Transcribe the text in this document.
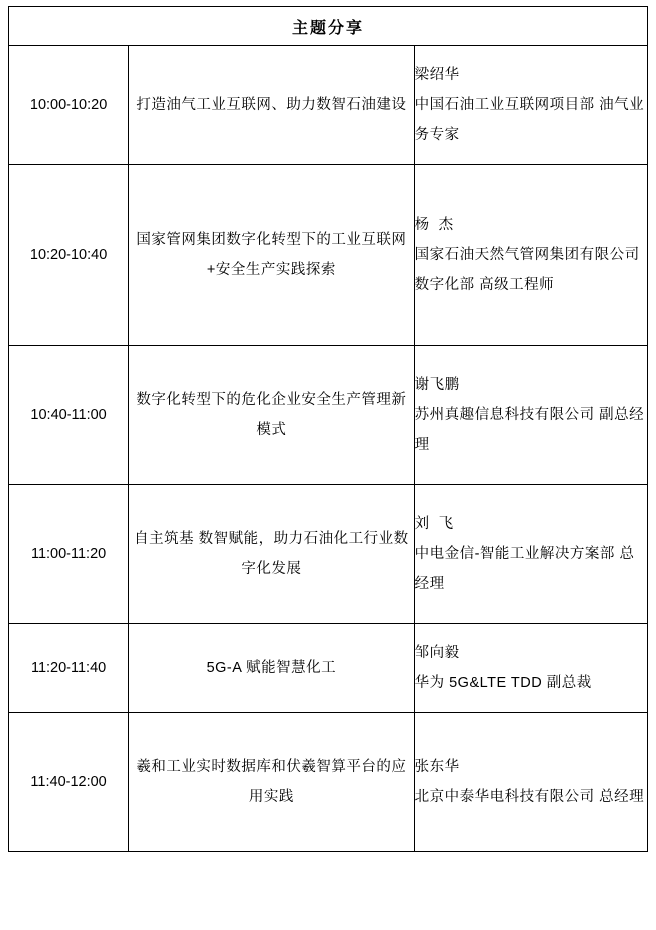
主题分享		
10:00-10:20	打造油气工业互联网、助力数智石油建设	梁绍华
中国石油工业互联网项目部 油气业务专家

10:20-10:40	国家管网集团数字化转型下的工业互联网+安全生产实践探索	杨  杰
国家石油天然气管网集团有限公司数字化部 高级工程师

10:40-11:00	数字化转型下的危化企业安全生产管理新模式	谢飞鹏
苏州真趣信息科技有限公司 副总经理

11:00-11:20	自主筑基 数智赋能，助力石油化工行业数字化发展	刘  飞
中电金信-智能工业解决方案部 总经理

11:20-11:40	5G-A 赋能智慧化工	邹向毅
华为 5G&LTE TDD 副总裁

11:40-12:00	羲和工业实时数据库和伏羲智算平台的应用实践	张东华
北京中泰华电科技有限公司 总经理
